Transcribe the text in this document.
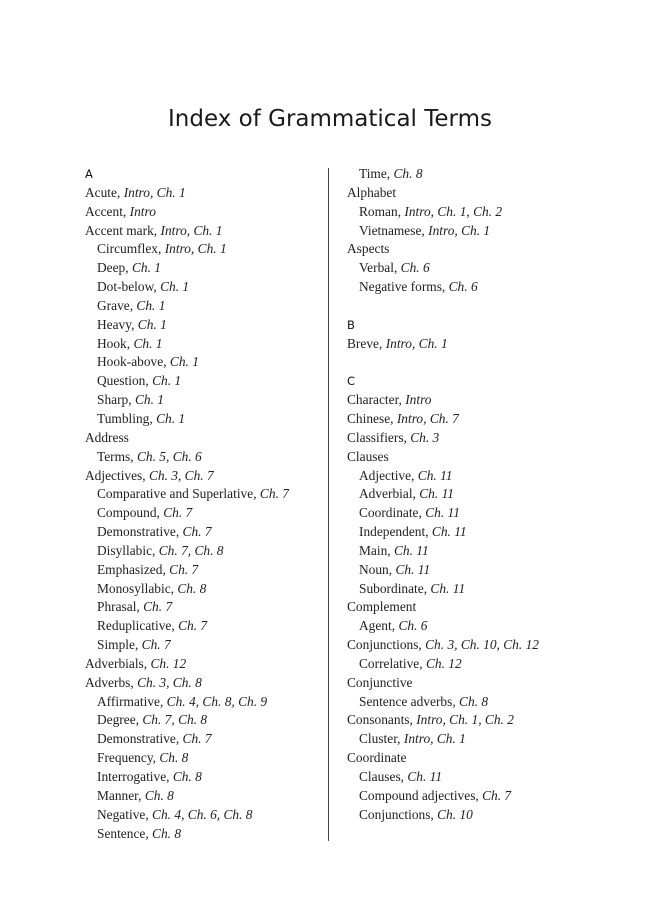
Index of Grammatical Terms
A
Acute, Intro, Ch. 1
Accent, Intro
Accent mark, Intro, Ch. 1
Circumflex, Intro, Ch. 1
Deep, Ch. 1
Dot-below, Ch. 1
Grave, Ch. 1
Heavy, Ch. 1
Hook, Ch. 1
Hook-above, Ch. 1
Question, Ch. 1
Sharp, Ch. 1
Tumbling, Ch. 1
Address
Terms, Ch. 5, Ch. 6
Adjectives, Ch. 3, Ch. 7
Comparative and Superlative, Ch. 7
Compound, Ch. 7
Demonstrative, Ch. 7
Disyllabic, Ch. 7, Ch. 8
Emphasized, Ch. 7
Monosyllabic, Ch. 8
Phrasal, Ch. 7
Reduplicative, Ch. 7
Simple, Ch. 7
Adverbials, Ch. 12
Adverbs, Ch. 3, Ch. 8
Affirmative, Ch. 4, Ch. 8, Ch. 9
Degree, Ch. 7, Ch. 8
Demonstrative, Ch. 7
Frequency, Ch. 8
Interrogative, Ch. 8
Manner, Ch. 8
Negative, Ch. 4, Ch. 6, Ch. 8
Sentence, Ch. 8
Time, Ch. 8
Alphabet
Roman, Intro, Ch. 1, Ch. 2
Vietnamese, Intro, Ch. 1
Aspects
Verbal, Ch. 6
Negative forms, Ch. 6
B
Breve, Intro, Ch. 1
C
Character, Intro
Chinese, Intro, Ch. 7
Classifiers, Ch. 3
Clauses
Adjective, Ch. 11
Adverbial, Ch. 11
Coordinate, Ch. 11
Independent, Ch. 11
Main, Ch. 11
Noun, Ch. 11
Subordinate, Ch. 11
Complement
Agent, Ch. 6
Conjunctions, Ch. 3, Ch. 10, Ch. 12
Correlative, Ch. 12
Conjunctive
Sentence adverbs, Ch. 8
Consonants, Intro, Ch. 1, Ch. 2
Cluster, Intro, Ch. 1
Coordinate
Clauses, Ch. 11
Compound adjectives, Ch. 7
Conjunctions, Ch. 10
